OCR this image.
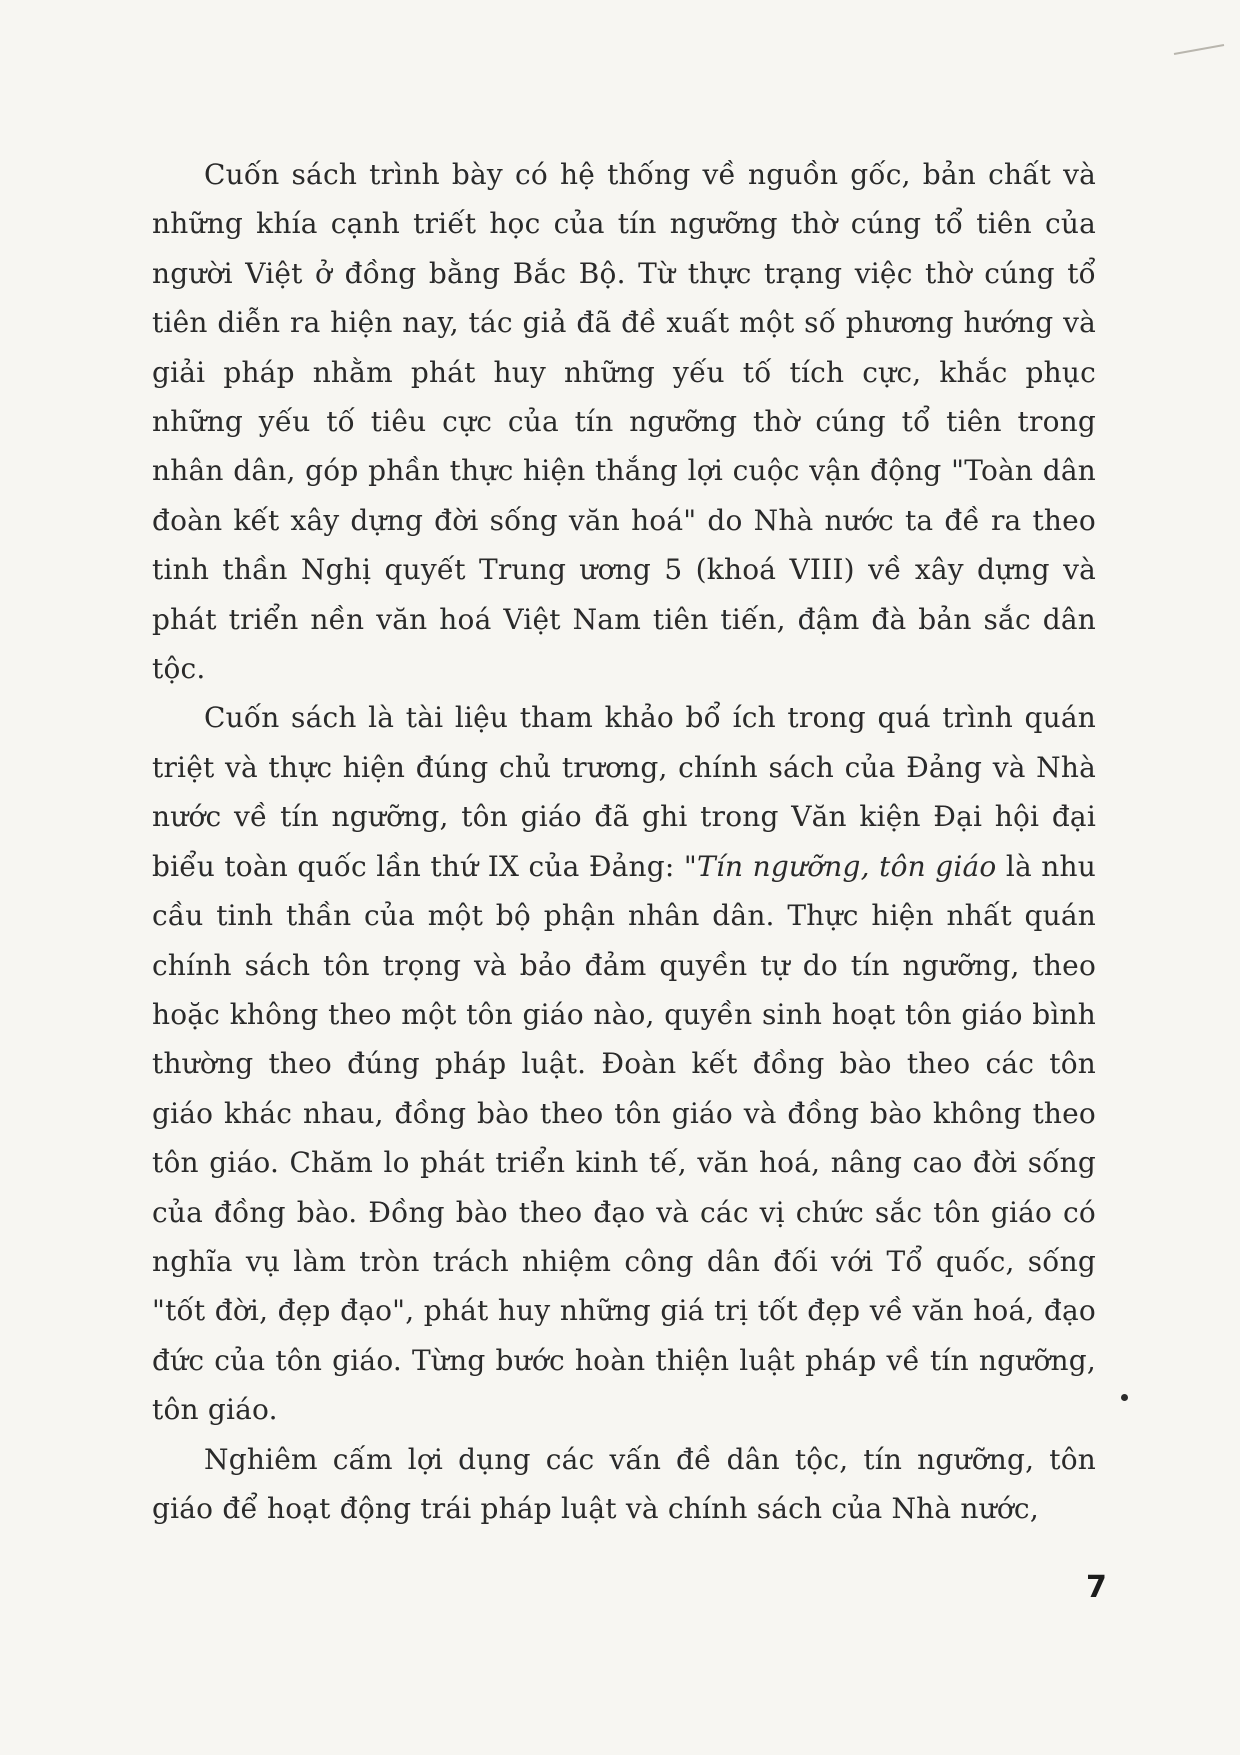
Cuốn sách trình bày có hệ thống về nguồn gốc, bản chất và những khía cạnh triết học của tín ngưỡng thờ cúng tổ tiên của người Việt ở đồng bằng Bắc Bộ. Từ thực trạng việc thờ cúng tổ tiên diễn ra hiện nay, tác giả đã đề xuất một số phương hướng và giải pháp nhằm phát huy những yếu tố tích cực, khắc phục những yếu tố tiêu cực của tín ngưỡng thờ cúng tổ tiên trong nhân dân, góp phần thực hiện thắng lợi cuộc vận động "Toàn dân đoàn kết xây dựng đời sống văn hoá" do Nhà nước ta đề ra theo tinh thần Nghị quyết Trung ương 5 (khoá VIII) về xây dựng và phát triển nền văn hoá Việt Nam tiên tiến, đậm đà bản sắc dân tộc.

Cuốn sách là tài liệu tham khảo bổ ích trong quá trình quán triệt và thực hiện đúng chủ trương, chính sách của Đảng và Nhà nước về tín ngưỡng, tôn giáo đã ghi trong Văn kiện Đại hội đại biểu toàn quốc lần thứ IX của Đảng: "Tín ngưỡng, tôn giáo là nhu cầu tinh thần của một bộ phận nhân dân. Thực hiện nhất quán chính sách tôn trọng và bảo đảm quyền tự do tín ngưỡng, theo hoặc không theo một tôn giáo nào, quyền sinh hoạt tôn giáo bình thường theo đúng pháp luật. Đoàn kết đồng bào theo các tôn giáo khác nhau, đồng bào theo tôn giáo và đồng bào không theo tôn giáo. Chăm lo phát triển kinh tế, văn hoá, nâng cao đời sống của đồng bào. Đồng bào theo đạo và các vị chức sắc tôn giáo có nghĩa vụ làm tròn trách nhiệm công dân đối với Tổ quốc, sống "tốt đời, đẹp đạo", phát huy những giá trị tốt đẹp về văn hoá, đạo đức của tôn giáo. Từng bước hoàn thiện luật pháp về tín ngưỡng, tôn giáo.

Nghiêm cấm lợi dụng các vấn đề dân tộc, tín ngưỡng, tôn giáo để hoạt động trái pháp luật và chính sách của Nhà nước,

7
